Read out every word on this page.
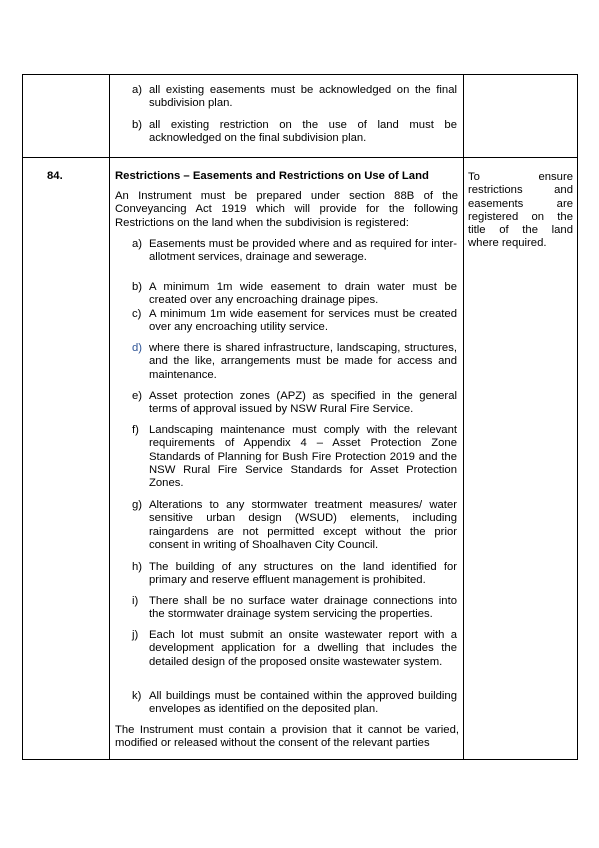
a) all existing easements must be acknowledged on the final subdivision plan.
b) all existing restriction on the use of land must be acknowledged on the final subdivision plan.
84.	Restrictions – Easements and Restrictions on Use of Land
An Instrument must be prepared under section 88B of the Conveyancing Act 1919 which will provide for the following Restrictions on the land when the subdivision is registered:
a) Easements must be provided where and as required for inter-allotment services, drainage and sewerage.
b) A minimum 1m wide easement to drain water must be created over any encroaching drainage pipes.
c) A minimum 1m wide easement for services must be created over any encroaching utility service.
d) where there is shared infrastructure, landscaping, structures, and the like, arrangements must be made for access and maintenance.
e) Asset protection zones (APZ) as specified in the general terms of approval issued by NSW Rural Fire Service.
f) Landscaping maintenance must comply with the relevant requirements of Appendix 4 – Asset Protection Zone Standards of Planning for Bush Fire Protection 2019 and the NSW Rural Fire Service Standards for Asset Protection Zones.
g) Alterations to any stormwater treatment measures/ water sensitive urban design (WSUD) elements, including raingardens are not permitted except without the prior consent in writing of Shoalhaven City Council.
h) The building of any structures on the land identified for primary and reserve effluent management is prohibited.
i) There shall be no surface water drainage connections into the stormwater drainage system servicing the properties.
j) Each lot must submit an onsite wastewater report with a development application for a dwelling that includes the detailed design of the proposed onsite wastewater system.
k) All buildings must be contained within the approved building envelopes as identified on the deposited plan.
The Instrument must contain a provision that it cannot be varied, modified or released without the consent of the relevant parties
To ensure restrictions and easements are registered on the title of the land where required.
